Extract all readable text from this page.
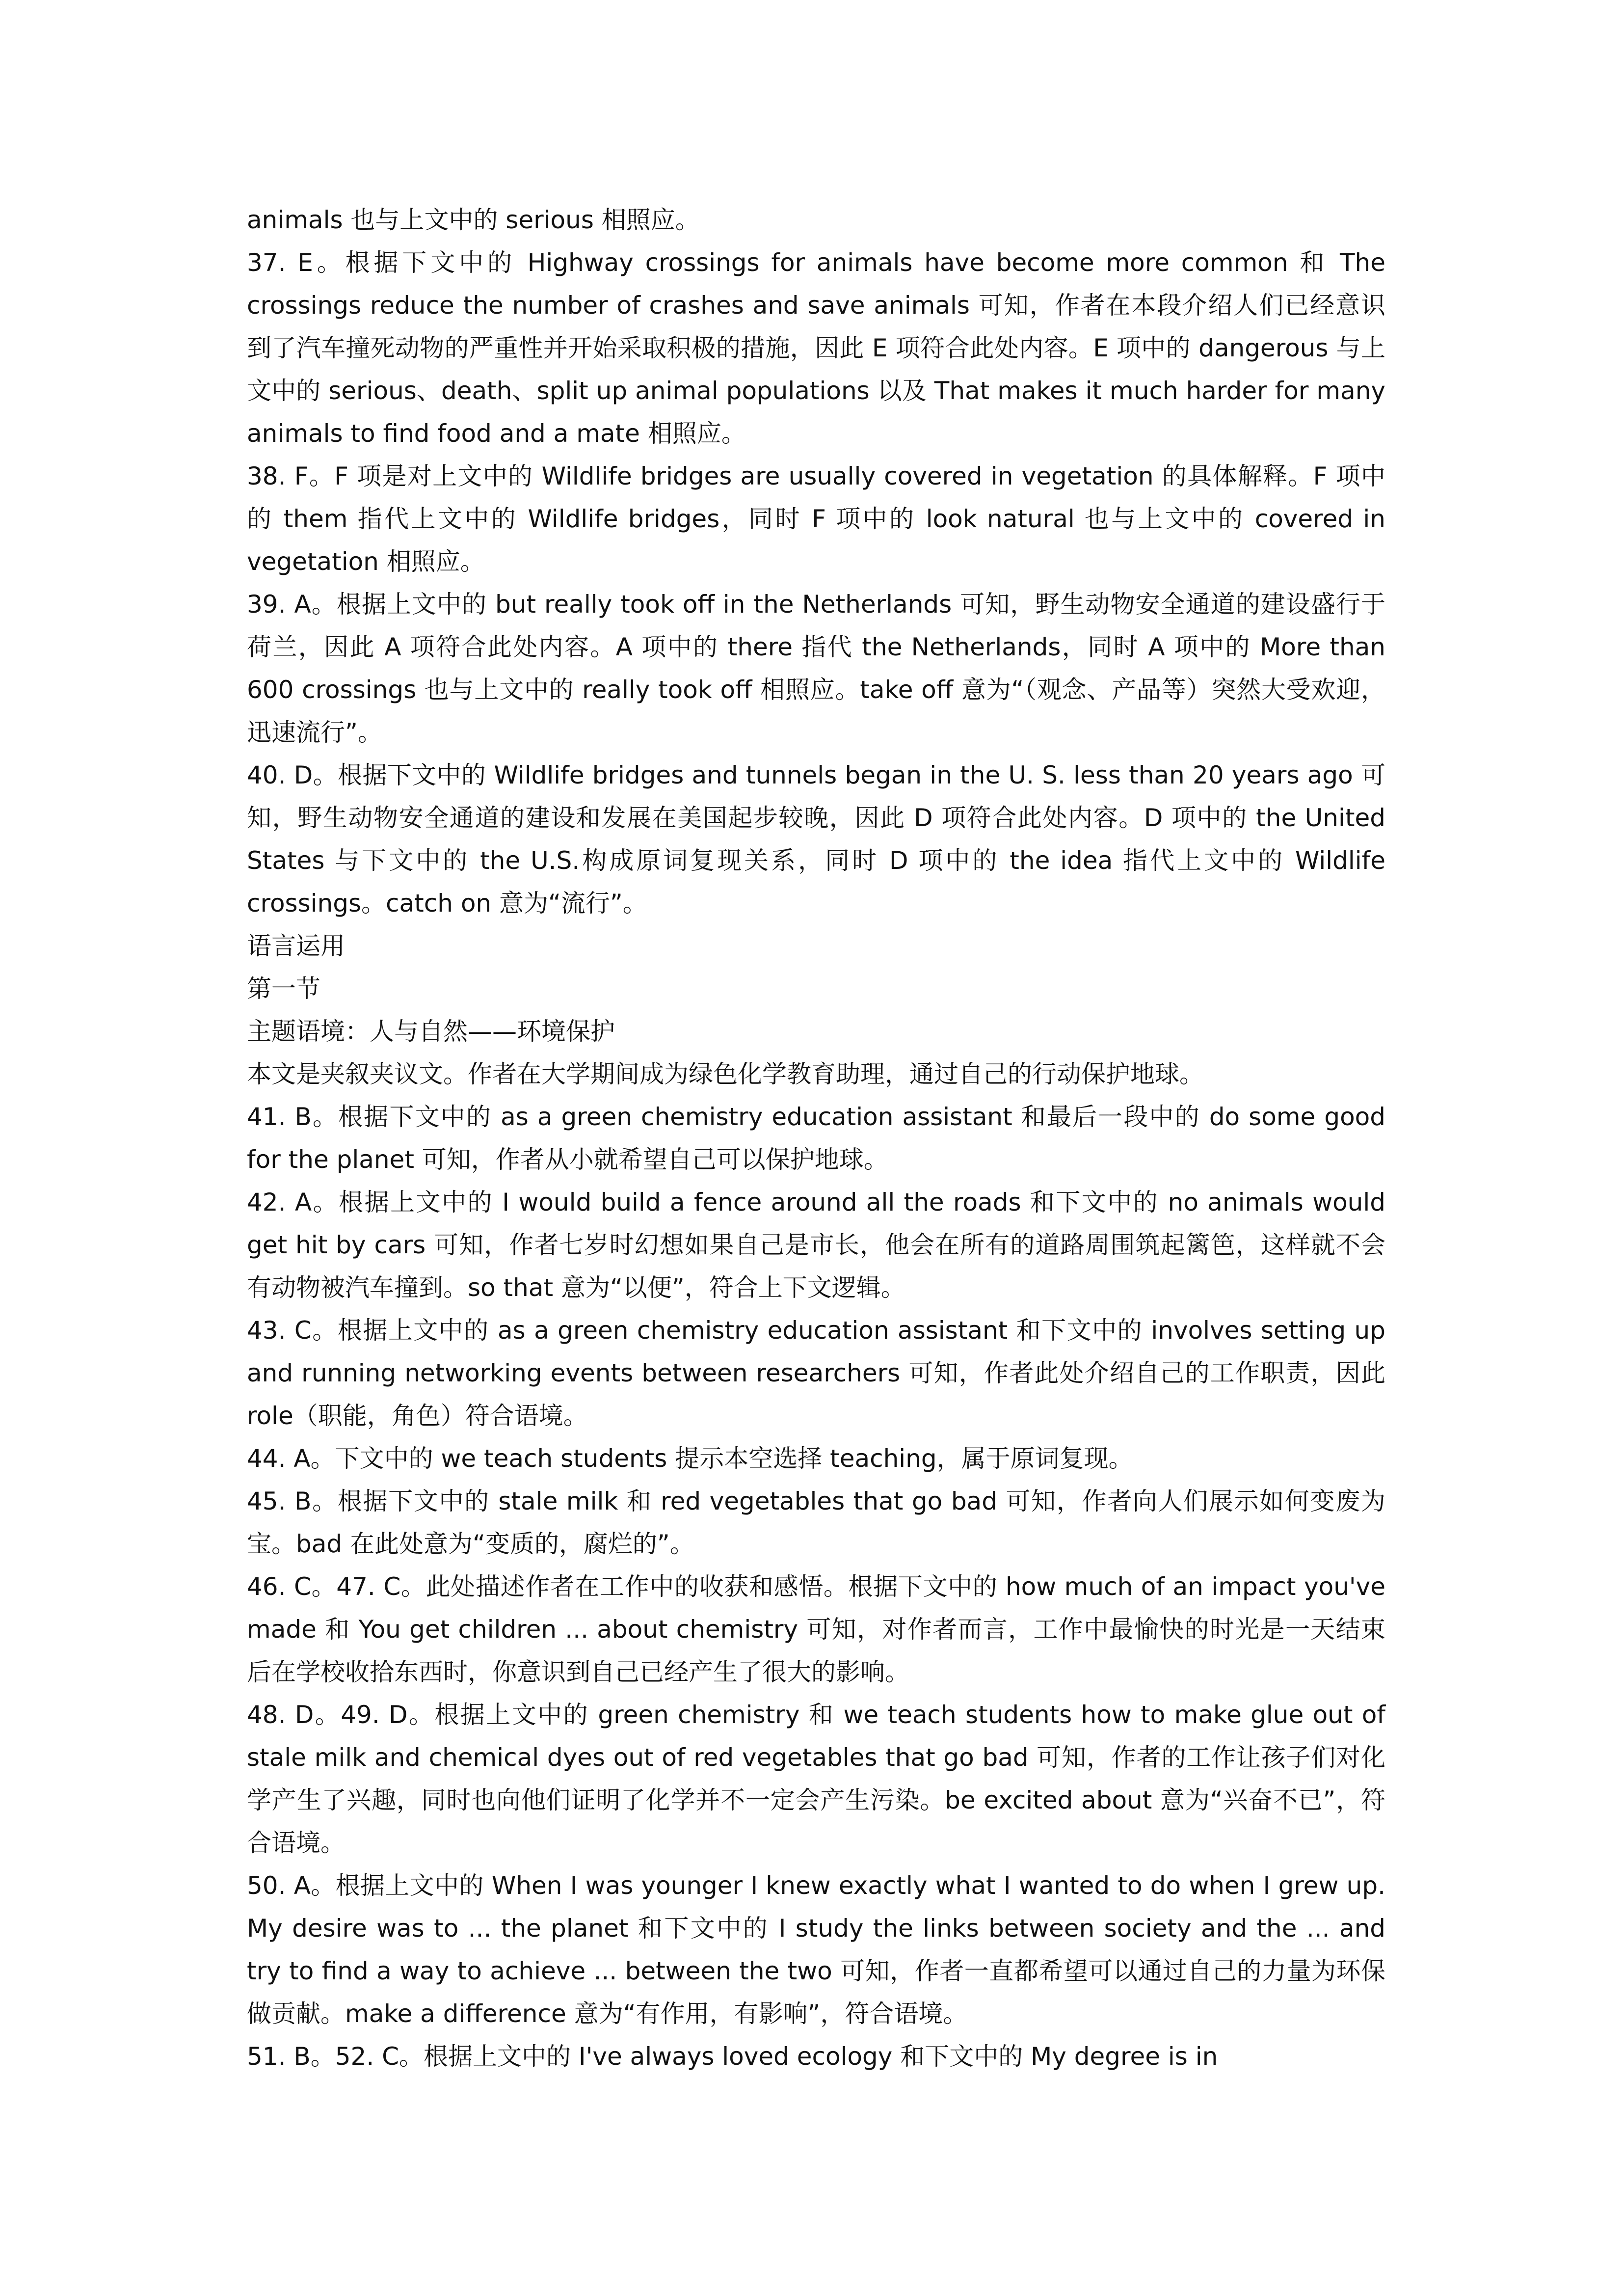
animals 也与上文中的 serious 相照应。

37. E。根据下文中的 Highway crossings for animals have become more common 和 The crossings reduce the number of crashes and save animals 可知，作者在本段介绍人们已经意识到了汽车撞死动物的严重性并开始采取积极的措施，因此 E 项符合此处内容。E 项中的 dangerous 与上文中的 serious、death、split up animal populations 以及 That makes it much harder for many animals to find food and a mate 相照应。

38. F。F 项是对上文中的 Wildlife bridges are usually covered in vegetation 的具体解释。F 项中的 them 指代上文中的 Wildlife bridges，同时 F 项中的 look natural 也与上文中的 covered in vegetation 相照应。

39. A。根据上文中的 but really took off in the Netherlands 可知，野生动物安全通道的建设盛行于荷兰，因此 A 项符合此处内容。A 项中的 there 指代 the Netherlands，同时 A 项中的 More than 600 crossings 也与上文中的 really took off 相照应。take off 意为“（观念、产品等）突然大受欢迎，迅速流行”。

40. D。根据下文中的 Wildlife bridges and tunnels began in the U. S. less than 20 years ago 可知，野生动物安全通道的建设和发展在美国起步较晚，因此 D 项符合此处内容。D 项中的 the United States 与下文中的 the U.S.构成原词复现关系，同时 D 项中的 the idea 指代上文中的 Wildlife crossings。catch on 意为“流行”。

语言运用

第一节

主题语境：人与自然——环境保护

本文是夹叙夹议文。作者在大学期间成为绿色化学教育助理，通过自己的行动保护地球。

41. B。根据下文中的 as a green chemistry education assistant 和最后一段中的 do some good for the planet 可知，作者从小就希望自己可以保护地球。

42. A。根据上文中的 I would build a fence around all the roads 和下文中的 no animals would get hit by cars 可知，作者七岁时幻想如果自己是市长，他会在所有的道路周围筑起篱笆，这样就不会有动物被汽车撞到。so that 意为“以便”，符合上下文逻辑。

43. C。根据上文中的 as a green chemistry education assistant 和下文中的 involves setting up and running networking events between researchers 可知，作者此处介绍自己的工作职责，因此 role（职能，角色）符合语境。

44. A。下文中的 we teach students 提示本空选择 teaching，属于原词复现。

45. B。根据下文中的 stale milk 和 red vegetables that go bad 可知，作者向人们展示如何变废为宝。bad 在此处意为“变质的，腐烂的”。

46. C。47. C。此处描述作者在工作中的收获和感悟。根据下文中的 how much of an impact you've made 和 You get children ... about chemistry 可知，对作者而言，工作中最愉快的时光是一天结束后在学校收拾东西时，你意识到自己已经产生了很大的影响。

48. D。49. D。根据上文中的 green chemistry 和 we teach students how to make glue out of stale milk and chemical dyes out of red vegetables that go bad 可知，作者的工作让孩子们对化学产生了兴趣，同时也向他们证明了化学并不一定会产生污染。be excited about 意为“兴奋不已”，符合语境。

50. A。根据上文中的 When I was younger I knew exactly what I wanted to do when I grew up. My desire was to ... the planet 和下文中的 I study the links between society and the ... and try to find a way to achieve ... between the two 可知，作者一直都希望可以通过自己的力量为环保做贡献。make a difference 意为“有作用，有影响”，符合语境。

51. B。52. C。根据上文中的 I've always loved ecology 和下文中的 My degree is in
